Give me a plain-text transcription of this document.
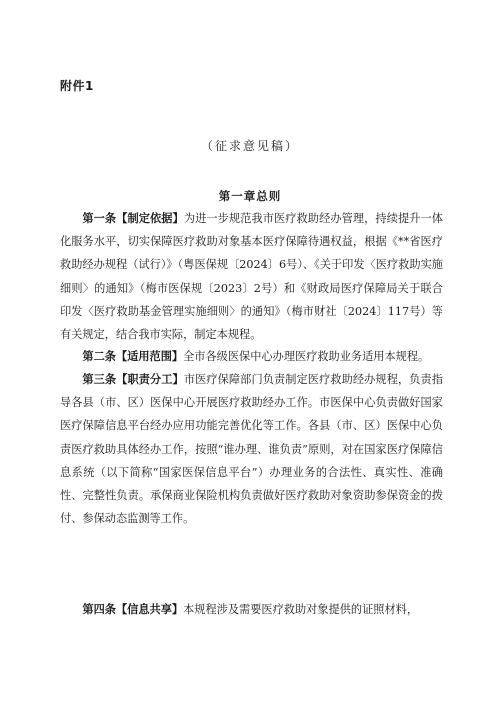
附件1
（征求意见稿）
第一章总则

第一条【制定依据】为进一步规范我市医疗救助经办管理，持续提升一体化服务水平，切实保障医疗救助对象基本医疗保障待遇权益，根据《**省医疗救助经办规程（试行）》（粤医保规〔2024〕6号）、《关于印发〈医疗救助实施细则〉的通知》（梅市医保规〔2023〕2号）和《财政局医疗保障局关于联合印发〈医疗救助基金管理实施细则〉的通知》（梅市财社〔2024〕117号）等有关规定，结合我市实际，制定本规程。

第二条【适用范围】全市各级医保中心办理医疗救助业务适用本规程。

第三条【职责分工】市医疗保障部门负责制定医疗救助经办规程，负责指导各县（市、区）医保中心开展医疗救助经办工作。市医保中心负责做好国家医疗保障信息平台经办应用功能完善优化等工作。各县（市、区）医保中心负责医疗救助具体经办工作，按照“谁办理、谁负责”原则，对在国家医疗保障信息系统（以下简称“国家医保信息平台”）办理业务的合法性、真实性、准确性、完整性负责。承保商业保险机构负责做好医疗救助对象资助参保资金的拨付、参保动态监测等工作。

第四条【信息共享】本规程涉及需要医疗救助对象提供的证照材料，
